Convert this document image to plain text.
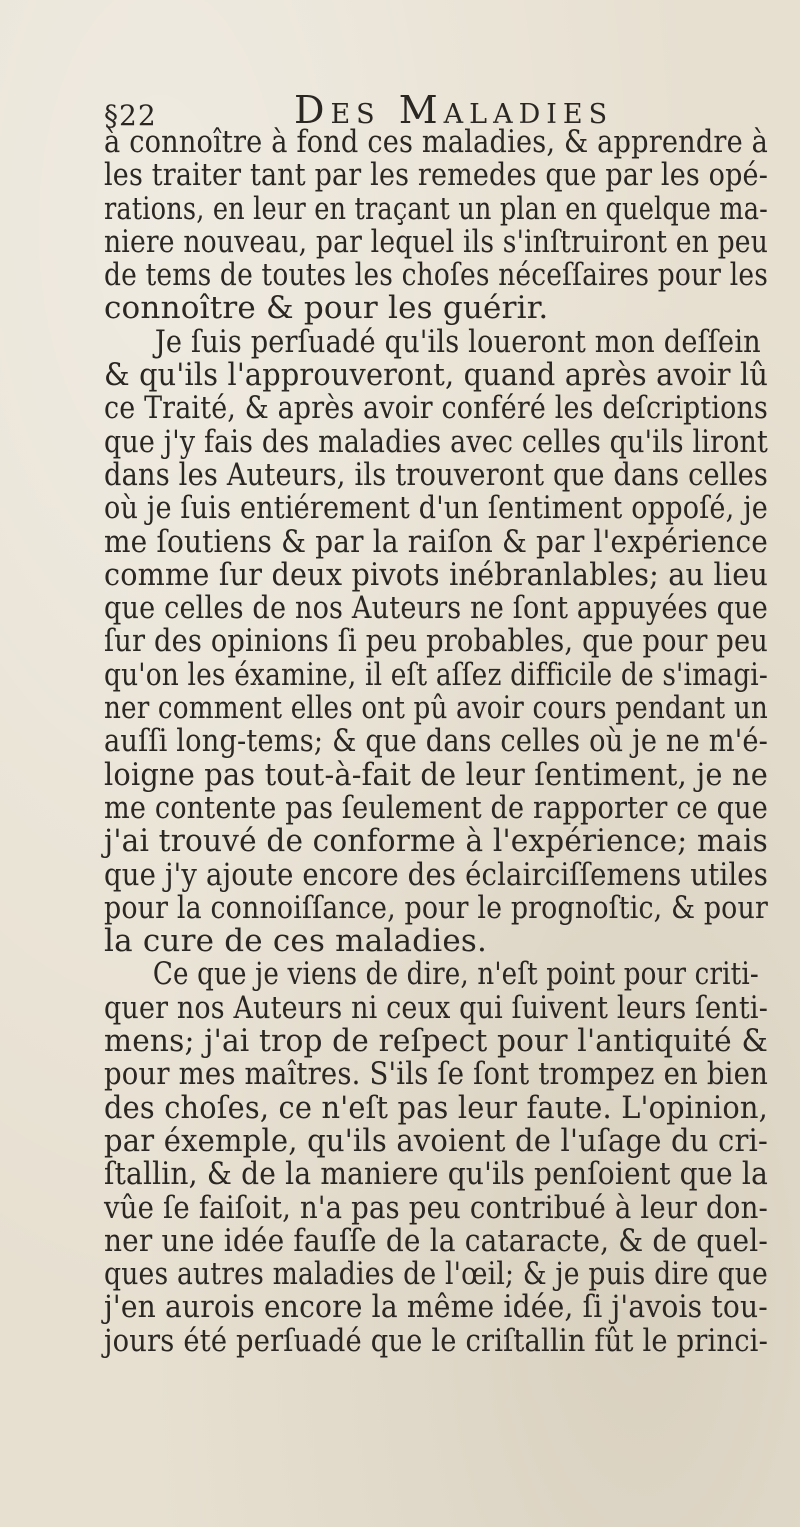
§22	Des Maladies
à connoître à fond ces maladies, & apprendre à
les traiter tant par les remedes que par les opé-
rations, en leur en traçant un plan en quelque ma-
niere nouveau, par lequel ils s'inſtruiront en peu
de tems de toutes les choſes néceſſaires pour les
connoître & pour les guérir.
Je ſuis perſuadé qu'ils loueront mon deſſein
& qu'ils l'approuveront, quand après avoir lû
ce Traité, & après avoir conféré les deſcriptions
que j'y fais des maladies avec celles qu'ils liront
dans les Auteurs, ils trouveront que dans celles
où je ſuis entiérement d'un ſentiment oppoſé, je
me ſoutiens & par la raiſon & par l'expérience
comme ſur deux pivots inébranlables; au lieu
que celles de nos Auteurs ne ſont appuyées que
ſur des opinions ſi peu probables, que pour peu
qu'on les éxamine, il eſt aſſez difficile de s'imagi-
ner comment elles ont pû avoir cours pendant un
auſſi long-tems; & que dans celles où je ne m'é-
loigne pas tout-à-fait de leur ſentiment, je ne
me contente pas ſeulement de rapporter ce que
j'ai trouvé de conforme à l'expérience; mais
que j'y ajoute encore des éclairciſſemens utiles
pour la connoiſſance, pour le prognoſtic, & pour
la cure de ces maladies.
Ce que je viens de dire, n'eſt point pour criti-
quer nos Auteurs ni ceux qui ſuivent leurs ſenti-
mens; j'ai trop de reſpect pour l'antiquité &
pour mes maîtres. S'ils ſe ſont trompez en bien
des choſes, ce n'eſt pas leur faute. L'opinion,
par éxemple, qu'ils avoient de l'uſage du cri-
ſtallin, & de la maniere qu'ils penſoient que la
vûe ſe faiſoit, n'a pas peu contribué à leur don-
ner une idée fauſſe de la cataracte, & de quel-
ques autres maladies de l'œil; & je puis dire que
j'en aurois encore la même idée, ſi j'avois tou-
jours été perſuadé que le criſtallin fût le princi-
